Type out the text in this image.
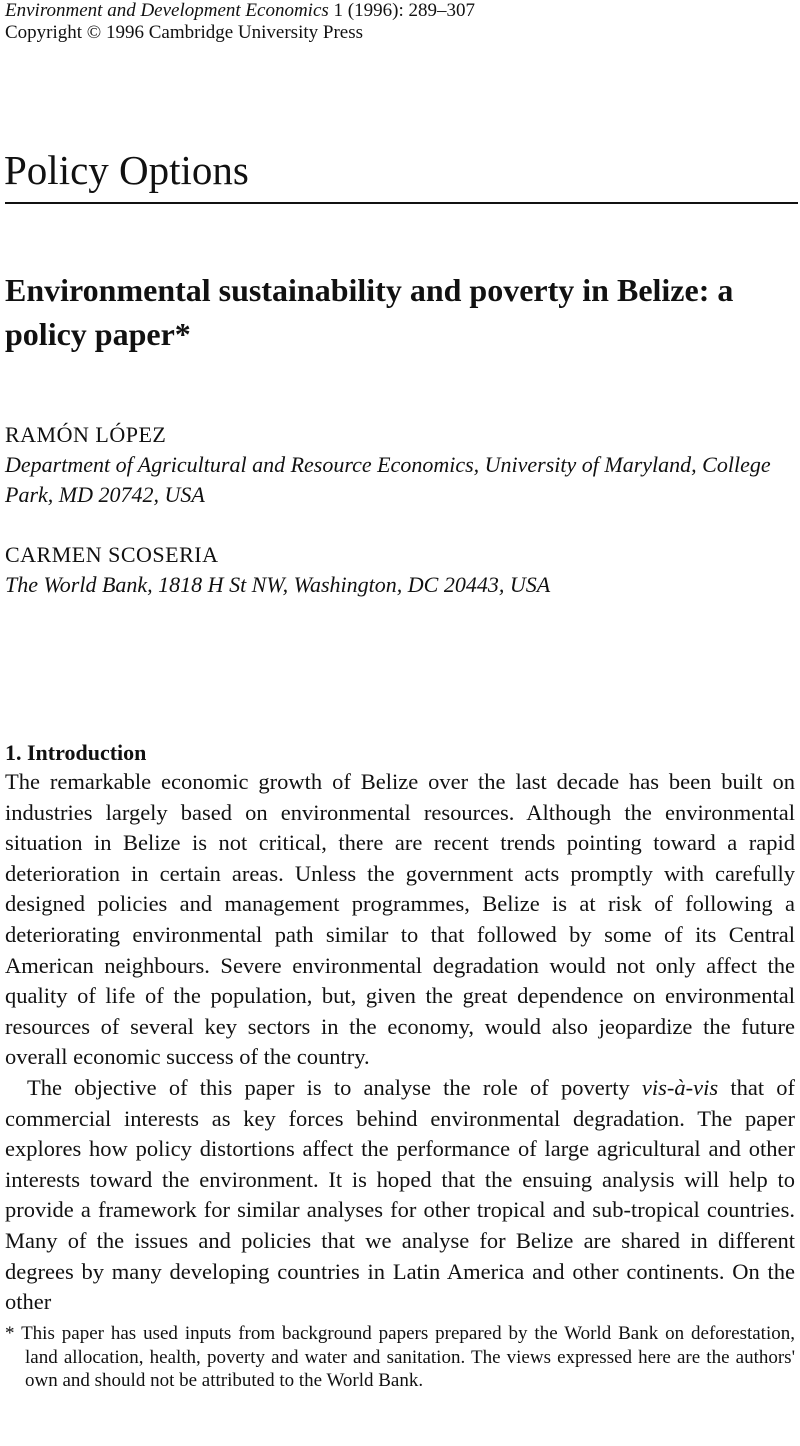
Environment and Development Economics 1 (1996): 289–307
Copyright © 1996 Cambridge University Press
Policy Options
Environmental sustainability and poverty in Belize: a policy paper*
RAMÓN LÓPEZ
Department of Agricultural and Resource Economics, University of Maryland, College Park, MD 20742, USA
CARMEN SCOSERIA
The World Bank, 1818 H St NW, Washington, DC 20443, USA
1. Introduction

The remarkable economic growth of Belize over the last decade has been built on industries largely based on environmental resources. Although the environmental situation in Belize is not critical, there are recent trends pointing toward a rapid deterioration in certain areas. Unless the government acts promptly with carefully designed policies and management programmes, Belize is at risk of following a deteriorating environmental path similar to that followed by some of its Central American neighbours. Severe environmental degradation would not only affect the quality of life of the population, but, given the great dependence on environmental resources of several key sectors in the economy, would also jeopardize the future overall economic success of the country.

The objective of this paper is to analyse the role of poverty vis-à-vis that of commercial interests as key forces behind environmental degradation. The paper explores how policy distortions affect the performance of large agricultural and other interests toward the environment. It is hoped that the ensuing analysis will help to provide a framework for similar analyses for other tropical and sub-tropical countries. Many of the issues and policies that we analyse for Belize are shared in different degrees by many developing countries in Latin America and other continents. On the other

* This paper has used inputs from background papers prepared by the World Bank on deforestation, land allocation, health, poverty and water and sanitation. The views expressed here are the authors' own and should not be attributed to the World Bank.
